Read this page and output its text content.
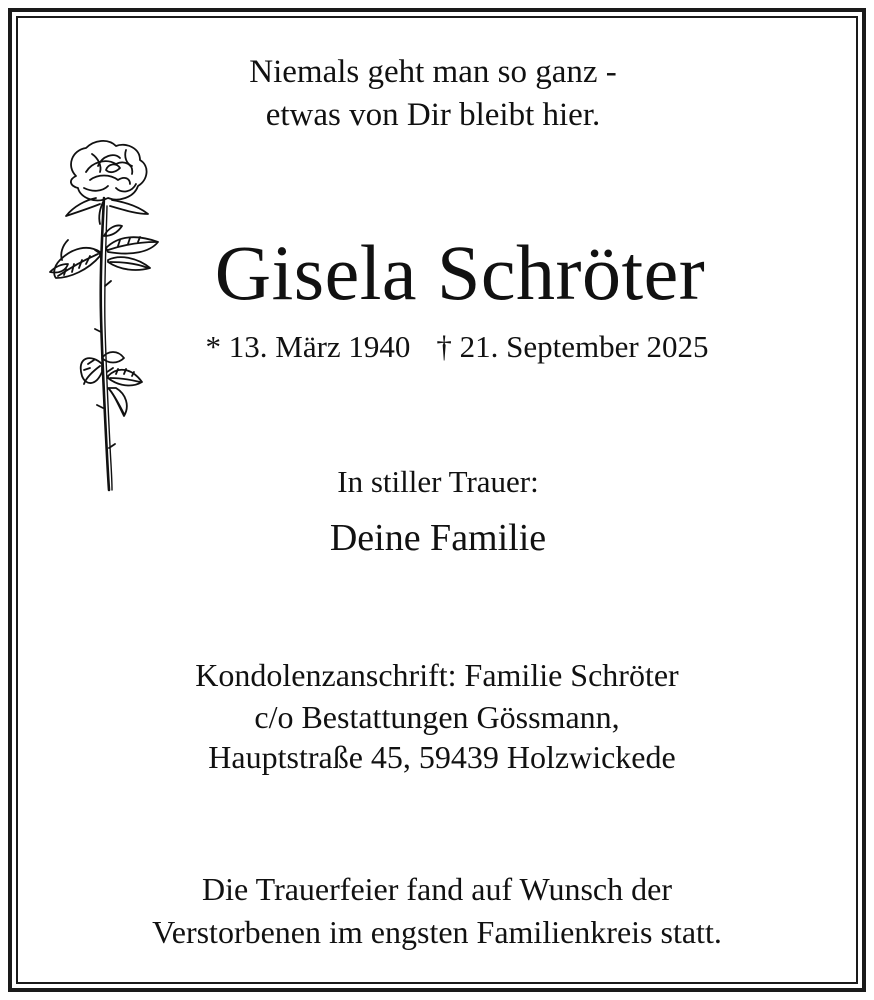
Niemals geht man so ganz -
etwas von Dir bleibt hier.
Gisela Schröter
* 13. März 1940 † 21. September 2025
In stiller Trauer:
Deine Familie
Kondolenzanschrift: Familie Schröter
c/o Bestattungen Gössmann,
Hauptstraße 45, 59439 Holzwickede
Die Trauerfeier fand auf Wunsch der
Verstorbenen im engsten Familienkreis statt.
